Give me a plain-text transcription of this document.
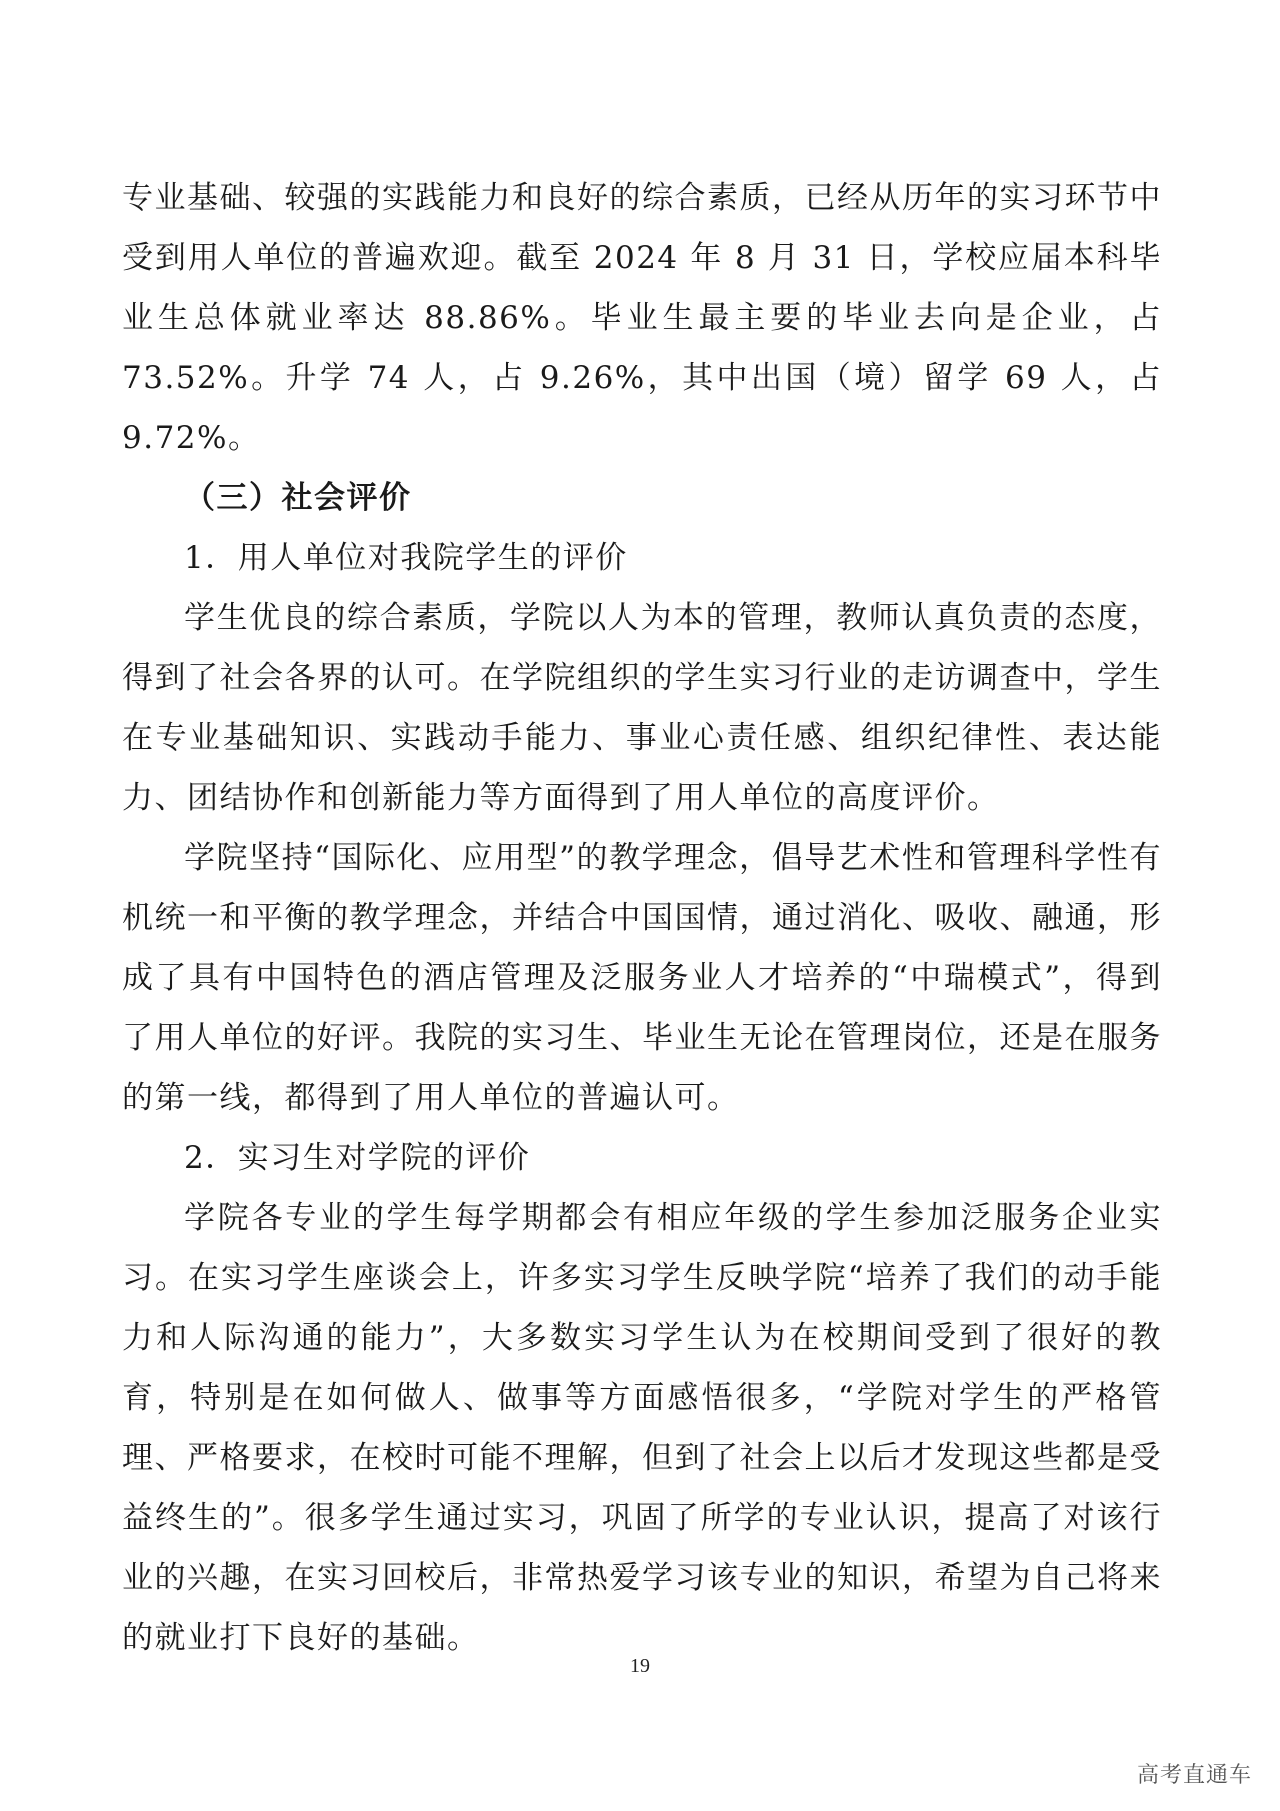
专业基础、较强的实践能力和良好的综合素质，已经从历年的实习环节中受到用人单位的普遍欢迎。截至 2024 年 8 月 31 日，学校应届本科毕业生总体就业率达 88.86%。毕业生最主要的毕业去向是企业，占 73.52%。升学 74 人，占 9.26%，其中出国（境）留学 69 人，占 9.72%。

（三）社会评价

1．用人单位对我院学生的评价

学生优良的综合素质，学院以人为本的管理，教师认真负责的态度，得到了社会各界的认可。在学院组织的学生实习行业的走访调查中，学生在专业基础知识、实践动手能力、事业心责任感、组织纪律性、表达能力、团结协作和创新能力等方面得到了用人单位的高度评价。

学院坚持“国际化、应用型”的教学理念，倡导艺术性和管理科学性有机统一和平衡的教学理念，并结合中国国情，通过消化、吸收、融通，形成了具有中国特色的酒店管理及泛服务业人才培养的“中瑞模式”，得到了用人单位的好评。我院的实习生、毕业生无论在管理岗位，还是在服务的第一线，都得到了用人单位的普遍认可。

2．实习生对学院的评价

学院各专业的学生每学期都会有相应年级的学生参加泛服务企业实习。在实习学生座谈会上，许多实习学生反映学院“培养了我们的动手能力和人际沟通的能力”，大多数实习学生认为在校期间受到了很好的教育，特别是在如何做人、做事等方面感悟很多，“学院对学生的严格管理、严格要求，在校时可能不理解，但到了社会上以后才发现这些都是受益终生的”。很多学生通过实习，巩固了所学的专业认识，提高了对该行业的兴趣，在实习回校后，非常热爱学习该专业的知识，希望为自己将来的就业打下良好的基础。

19
高考直通车
